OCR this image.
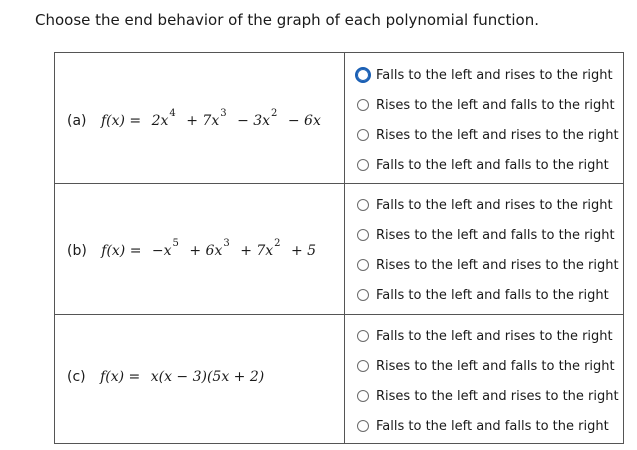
Choose the end behavior of the graph of each polynomial function.
(a) $f(x) = 2x^4 + 7x^3 - 3x^2 - 6x$
Falls to the left and rises to the right
Rises to the left and falls to the right
Rises to the left and rises to the right
Falls to the left and falls to the right
(b) $f(x) = -x^5 + 6x^3 + 7x^2 + 5$
Falls to the left and rises to the right
Rises to the left and falls to the right
Rises to the left and rises to the right
Falls to the left and falls to the right
(c) f(x) = x(x − 3)(5x + 2)
Falls to the left and rises to the right
Rises to the left and falls to the right
Rises to the left and rises to the right
Falls to the left and falls to the right
